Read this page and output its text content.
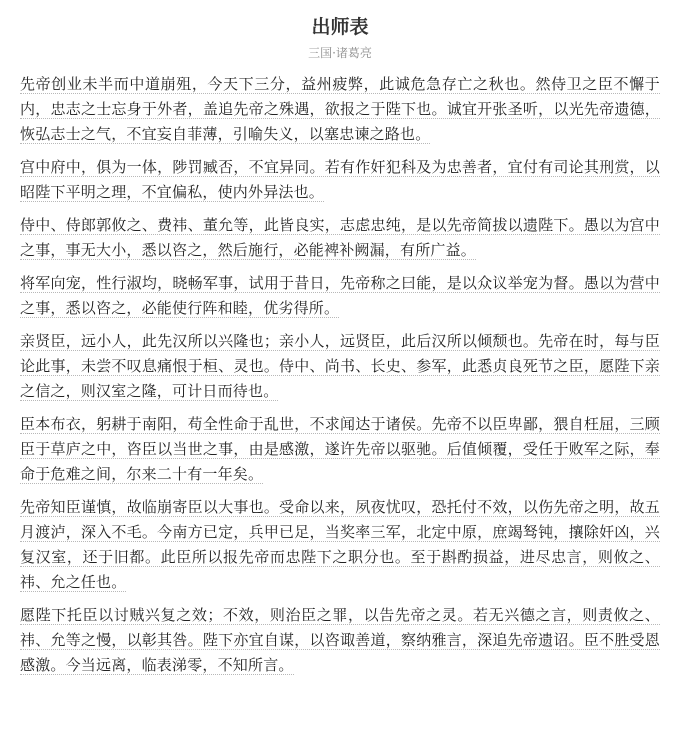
出师表
三国·诸葛亮

先帝创业未半而中道崩殂，今天下三分，益州疲弊，此诚危急存亡之秋也。然侍卫之臣不懈于内，忠志之士忘身于外者，盖追先帝之殊遇，欲报之于陛下也。诚宜开张圣听，以光先帝遗德，恢弘志士之气，不宜妄自菲薄，引喻失义，以塞忠谏之路也。

宫中府中，俱为一体，陟罚臧否，不宜异同。若有作奸犯科及为忠善者，宜付有司论其刑赏，以昭陛下平明之理，不宜偏私，使内外异法也。

侍中、侍郎郭攸之、费祎、董允等，此皆良实，志虑忠纯，是以先帝简拔以遗陛下。愚以为宫中之事，事无大小，悉以咨之，然后施行，必能裨补阙漏，有所广益。

将军向宠，性行淑均，晓畅军事，试用于昔日，先帝称之曰能，是以众议举宠为督。愚以为营中之事，悉以咨之，必能使行阵和睦，优劣得所。

亲贤臣，远小人，此先汉所以兴隆也；亲小人，远贤臣，此后汉所以倾颓也。先帝在时，每与臣论此事，未尝不叹息痛恨于桓、灵也。侍中、尚书、长史、参军，此悉贞良死节之臣，愿陛下亲之信之，则汉室之隆，可计日而待也。

臣本布衣，躬耕于南阳，苟全性命于乱世，不求闻达于诸侯。先帝不以臣卑鄙，猥自枉屈，三顾臣于草庐之中，咨臣以当世之事，由是感激，遂许先帝以驱驰。后值倾覆，受任于败军之际，奉命于危难之间，尔来二十有一年矣。

先帝知臣谨慎，故临崩寄臣以大事也。受命以来，夙夜忧叹，恐托付不效，以伤先帝之明，故五月渡泸，深入不毛。今南方已定，兵甲已足，当奖率三军，北定中原，庶竭驽钝，攘除奸凶，兴复汉室，还于旧都。此臣所以报先帝而忠陛下之职分也。至于斟酌损益，进尽忠言，则攸之、祎、允之任也。

愿陛下托臣以讨贼兴复之效；不效，则治臣之罪，以告先帝之灵。若无兴德之言，则责攸之、祎、允等之慢，以彰其咎。陛下亦宜自谋，以咨诹善道，察纳雅言，深追先帝遗诏。臣不胜受恩感激。今当远离，临表涕零，不知所言。
